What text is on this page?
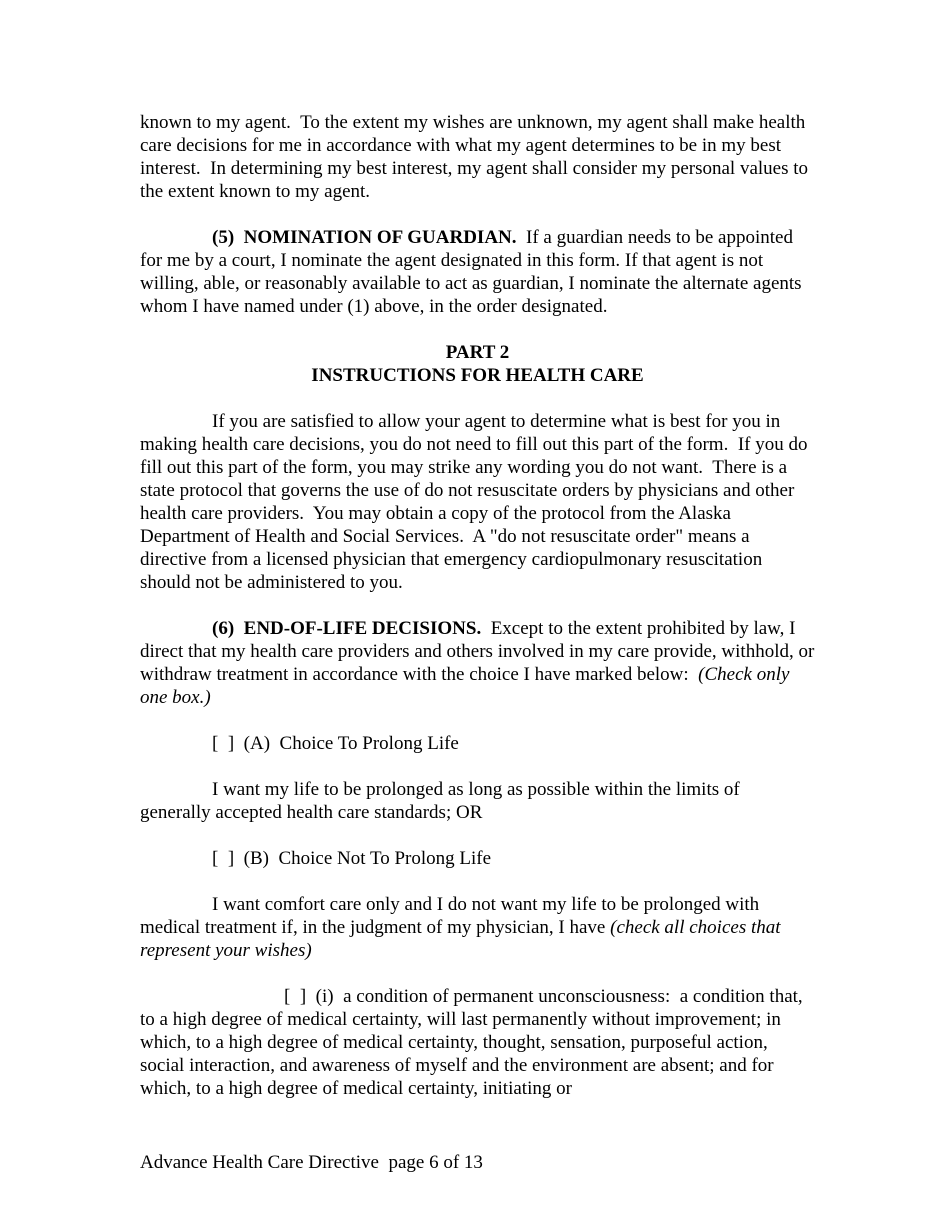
known to my agent.  To the extent my wishes are unknown, my agent shall make health care decisions for me in accordance with what my agent determines to be in my best interest.  In determining my best interest, my agent shall consider my personal values to the extent known to my agent.

(5)  NOMINATION OF GUARDIAN.  If a guardian needs to be appointed for me by a court, I nominate the agent designated in this form. If that agent is not willing, able, or reasonably available to act as guardian, I nominate the alternate agents whom I have named under (1) above, in the order designated.

PART 2
INSTRUCTIONS FOR HEALTH CARE

If you are satisfied to allow your agent to determine what is best for you in making health care decisions, you do not need to fill out this part of the form.  If you do fill out this part of the form, you may strike any wording you do not want.  There is a state protocol that governs the use of do not resuscitate orders by physicians and other health care providers.  You may obtain a copy of the protocol from the Alaska Department of Health and Social Services.  A "do not resuscitate order" means a directive from a licensed physician that emergency cardiopulmonary resuscitation should not be administered to you.

(6)  END-OF-LIFE DECISIONS.  Except to the extent prohibited by law, I direct that my health care providers and others involved in my care provide, withhold, or withdraw treatment in accordance with the choice I have marked below:  (Check only one box.)

[  ]  (A)  Choice To Prolong Life

I want my life to be prolonged as long as possible within the limits of generally accepted health care standards; OR

[  ]  (B)  Choice Not To Prolong Life

I want comfort care only and I do not want my life to be prolonged with medical treatment if, in the judgment of my physician, I have (check all choices that represent your wishes)

[  ]  (i)  a condition of permanent unconsciousness:  a condition that, to a high degree of medical certainty, will last permanently without improvement; in which, to a high degree of medical certainty, thought, sensation, purposeful action, social interaction, and awareness of myself and the environment are absent; and for which, to a high degree of medical certainty, initiating or

Advance Health Care Directive  page 6 of 13
